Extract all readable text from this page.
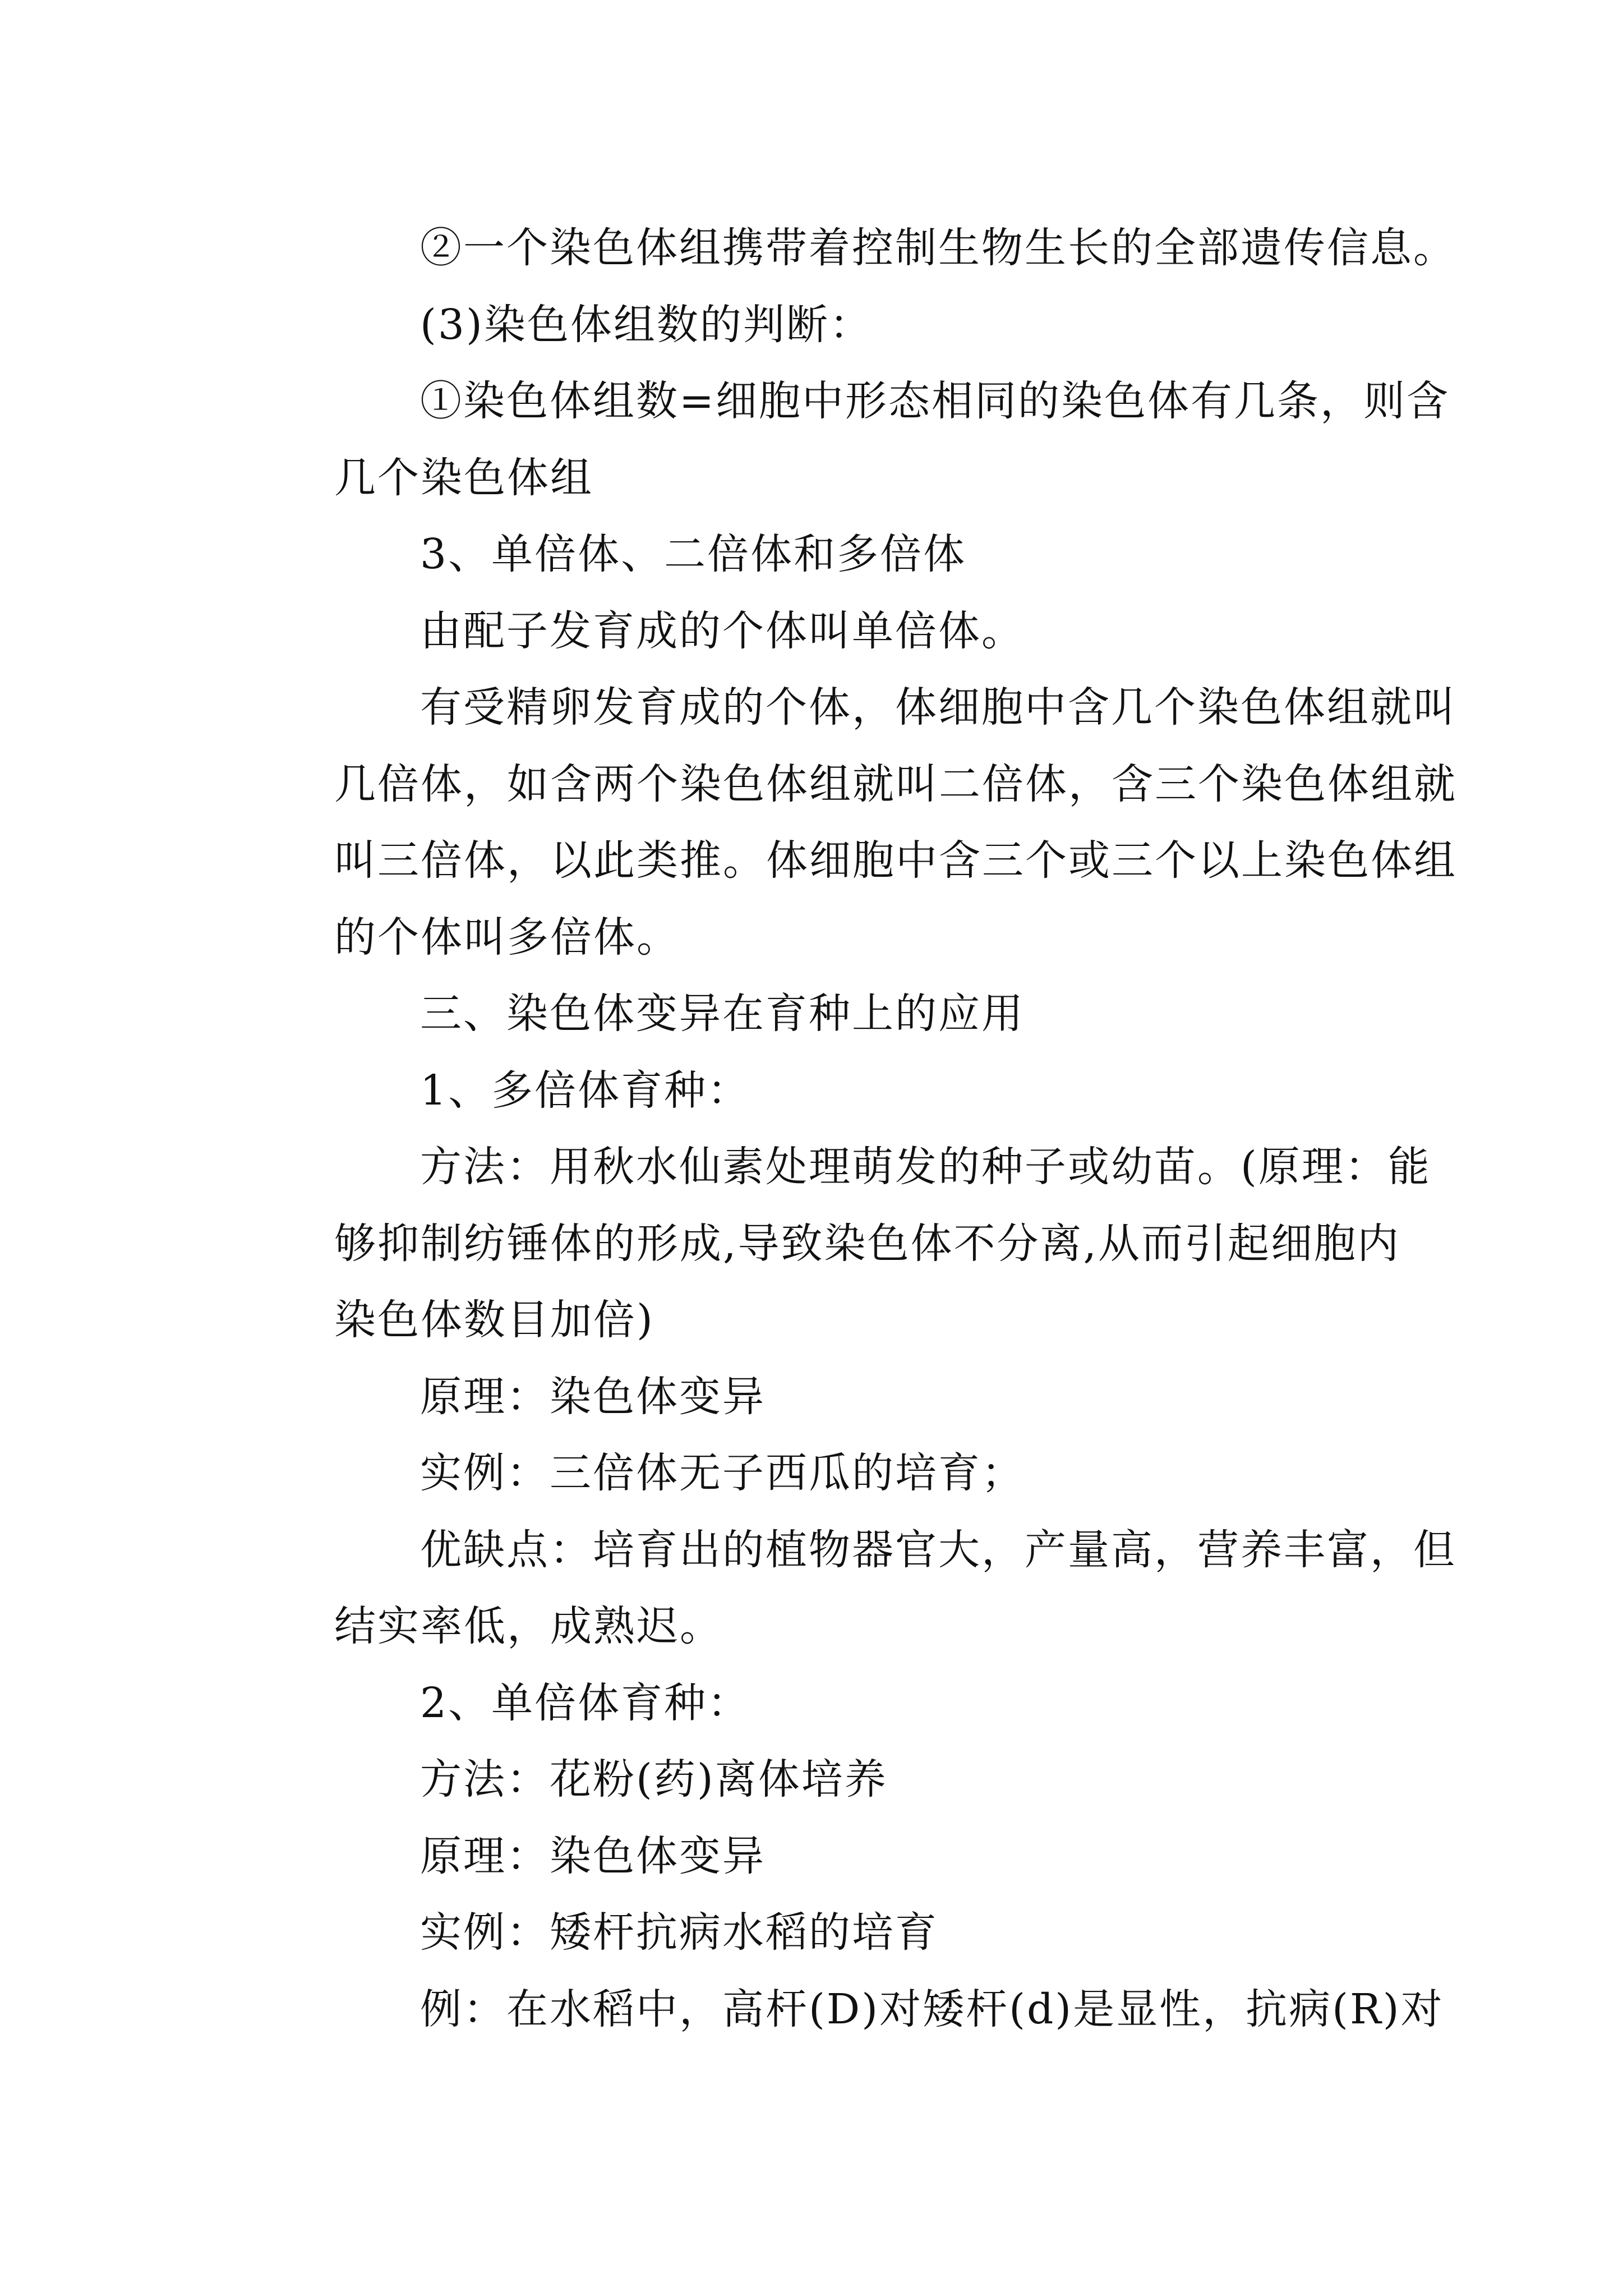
②一个染色体组携带着控制生物生长的全部遗传信息。
(3)染色体组数的判断：
①染色体组数=细胞中形态相同的染色体有几条，则含
几个染色体组
3、单倍体、二倍体和多倍体
由配子发育成的个体叫单倍体。
有受精卵发育成的个体，体细胞中含几个染色体组就叫
几倍体，如含两个染色体组就叫二倍体，含三个染色体组就
叫三倍体，以此类推。体细胞中含三个或三个以上染色体组
的个体叫多倍体。
三、染色体变异在育种上的应用
1、多倍体育种：
方法：用秋水仙素处理萌发的种子或幼苗。(原理：能
够抑制纺锤体的形成,导致染色体不分离,从而引起细胞内
染色体数目加倍)
原理：染色体变异
实例：三倍体无子西瓜的培育；
优缺点：培育出的植物器官大，产量高，营养丰富，但
结实率低，成熟迟。
2、单倍体育种：
方法：花粉(药)离体培养
原理：染色体变异
实例：矮杆抗病水稻的培育
例：在水稻中，高杆(D)对矮杆(d)是显性，抗病(R)对
